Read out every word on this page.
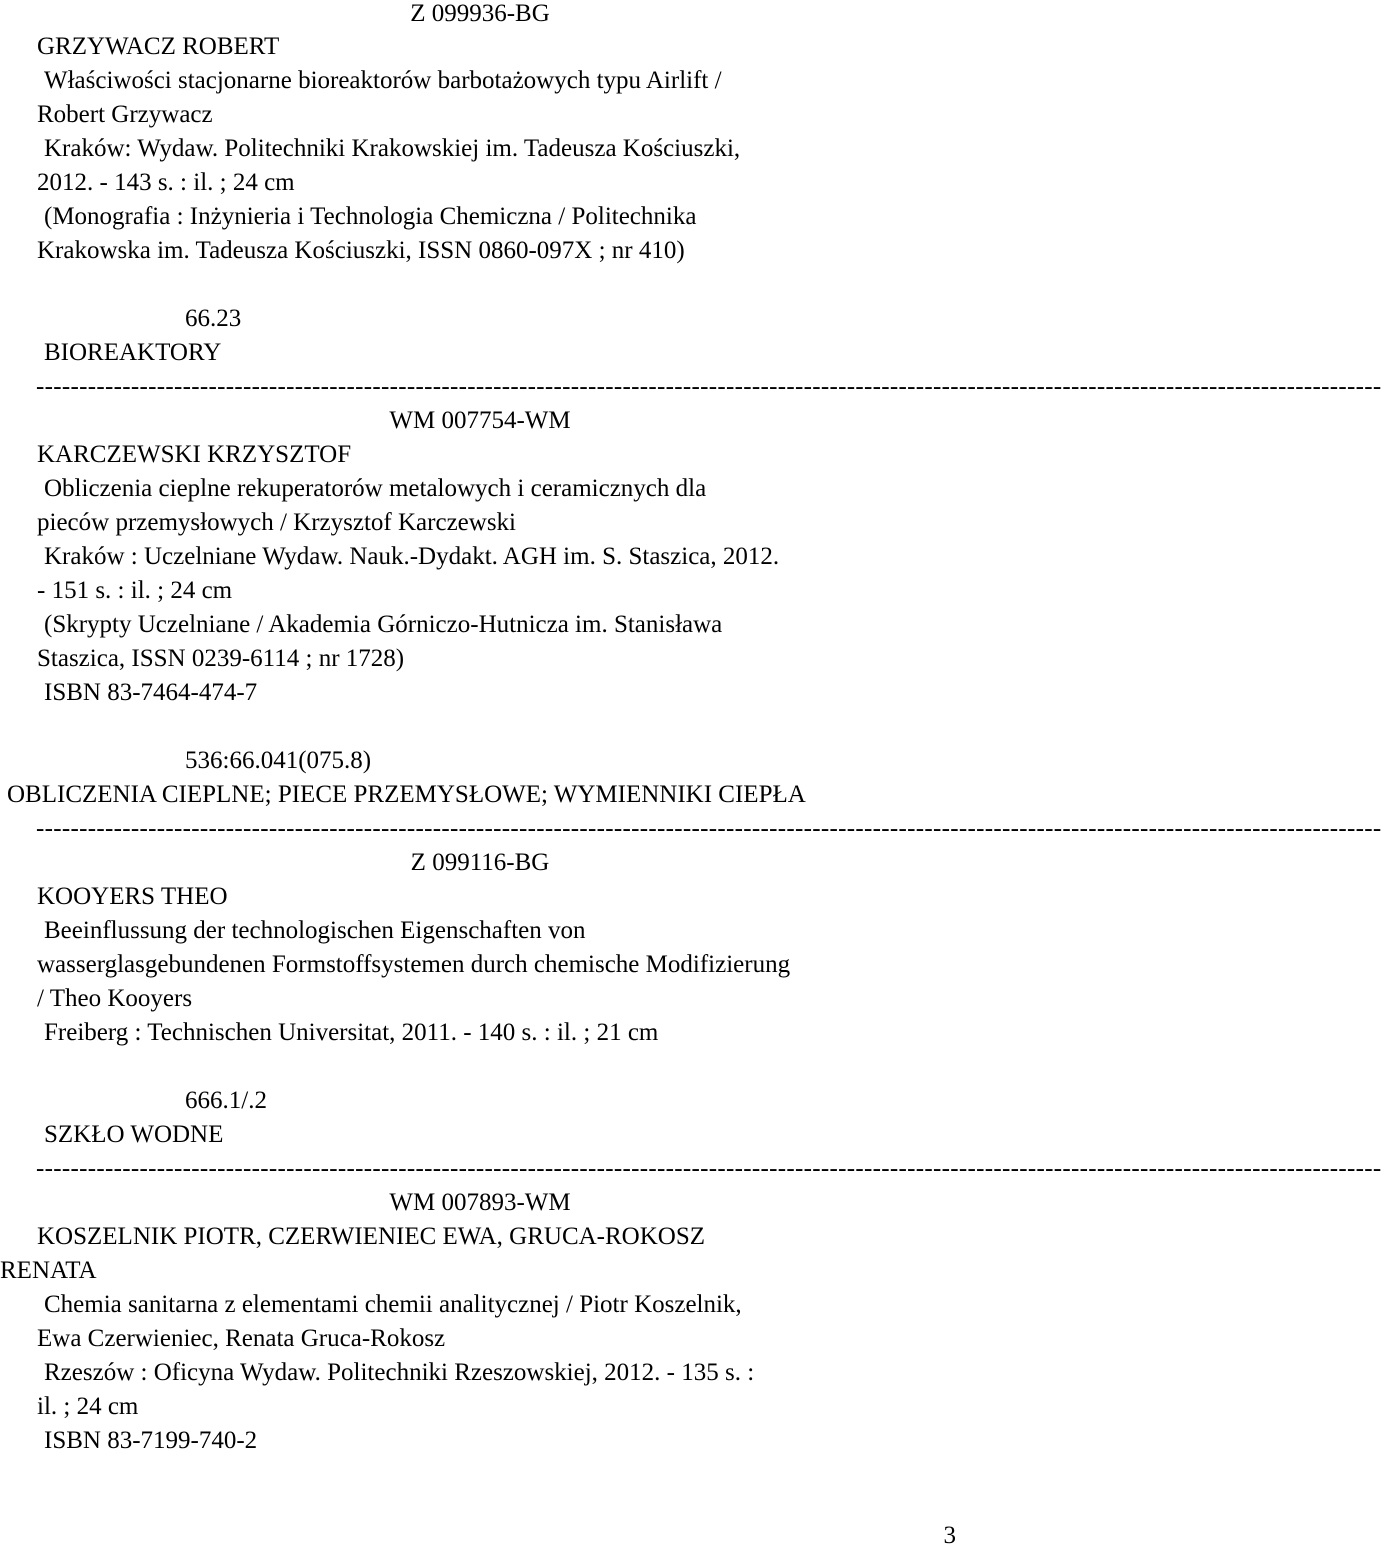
Z 099936-BG
GRZYWACZ ROBERT
Właściwości stacjonarne bioreaktorów barbotażowych typu Airlift /
Robert Grzywacz
Kraków: Wydaw. Politechniki Krakowskiej im. Tadeusza Kościuszki,
2012. - 143 s. : il. ; 24 cm
(Monografia : Inżynieria i Technologia Chemiczna / Politechnika
Krakowska im. Tadeusza Kościuszki, ISSN 0860-097X ; nr 410)
66.23
BIOREAKTORY
------------------------------------------------------------------------------------------------------------------------------------------------------------
WM 007754-WM
KARCZEWSKI KRZYSZTOF
Obliczenia cieplne rekuperatorów metalowych i ceramicznych dla
pieców przemysłowych / Krzysztof Karczewski
Kraków : Uczelniane Wydaw. Nauk.-Dydakt. AGH im. S. Staszica, 2012.
- 151 s. : il. ; 24 cm
(Skrypty Uczelniane / Akademia Górniczo-Hutnicza im. Stanisława
Staszica, ISSN 0239-6114 ; nr 1728)
ISBN 83-7464-474-7
536:66.041(075.8)
OBLICZENIA CIEPLNE; PIECE PRZEMYSŁOWE; WYMIENNIKI CIEPŁA
------------------------------------------------------------------------------------------------------------------------------------------------------------
Z 099116-BG
KOOYERS THEO
Beeinflussung der technologischen Eigenschaften von
wasserglasgebundenen Formstoffsystemen durch chemische Modifizierung
/ Theo Kooyers
Freiberg : Technischen Universitat, 2011. - 140 s. : il. ; 21 cm
666.1/.2
SZKŁO WODNE
------------------------------------------------------------------------------------------------------------------------------------------------------------
WM 007893-WM
KOSZELNIK PIOTR, CZERWIENIEC EWA, GRUCA-ROKOSZ
RENATA
Chemia sanitarna z elementami chemii analitycznej / Piotr Koszelnik,
Ewa Czerwieniec, Renata Gruca-Rokosz
Rzeszów : Oficyna Wydaw. Politechniki Rzeszowskiej, 2012. - 135 s. :
il. ; 24 cm
ISBN 83-7199-740-2
3
